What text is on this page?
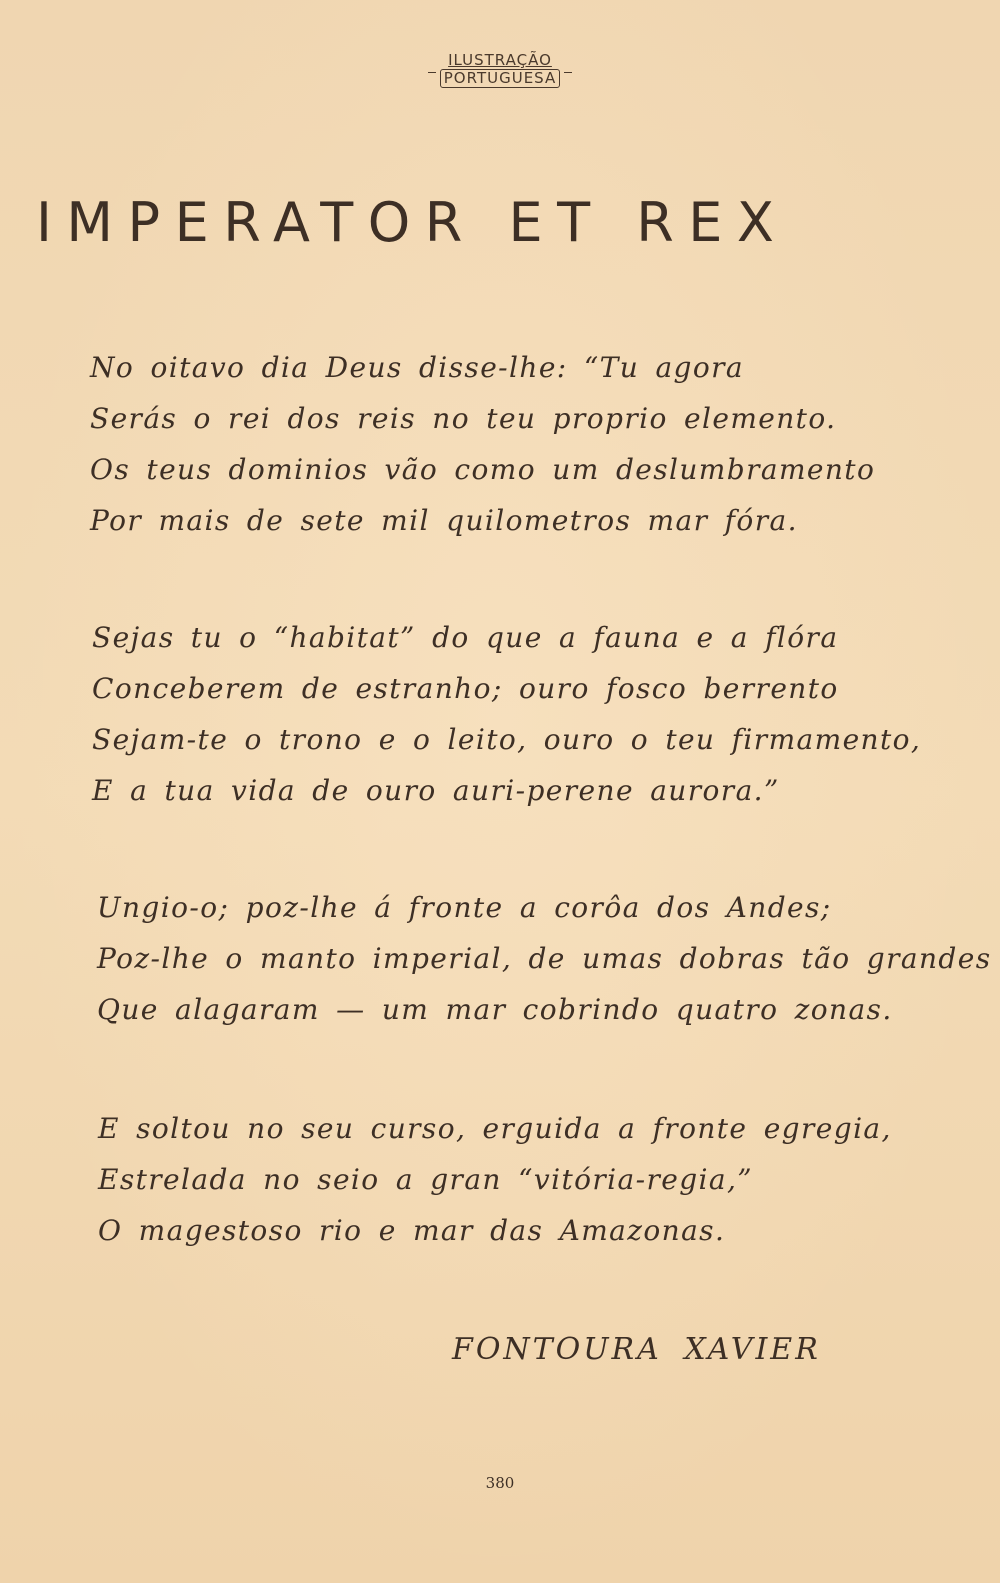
ILUSTRAÇÃO
PORTUGUESA
IMPERATOR ET REX
No oitavo dia Deus disse-lhe: “Tu agora
Serás o rei dos reis no teu proprio elemento.
Os teus dominios vão como um deslumbramento
Por mais de sete mil quilometros mar fóra.
Sejas tu o “habitat” do que a fauna e a flóra
Conceberem de estranho; ouro fosco berrento
Sejam-te o trono e o leito, ouro o teu firmamento,
E a tua vida de ouro auri-perene aurora.”
Ungio-o; poz-lhe á fronte a corôa dos Andes;
Poz-lhe o manto imperial, de umas dobras tão grandes
Que alagaram — um mar cobrindo quatro zonas.
E soltou no seu curso, erguida a fronte egregia,
Estrelada no seio a gran “vitória-regia,”
O magestoso rio e mar das Amazonas.

FONTOURA XAVIER

380
